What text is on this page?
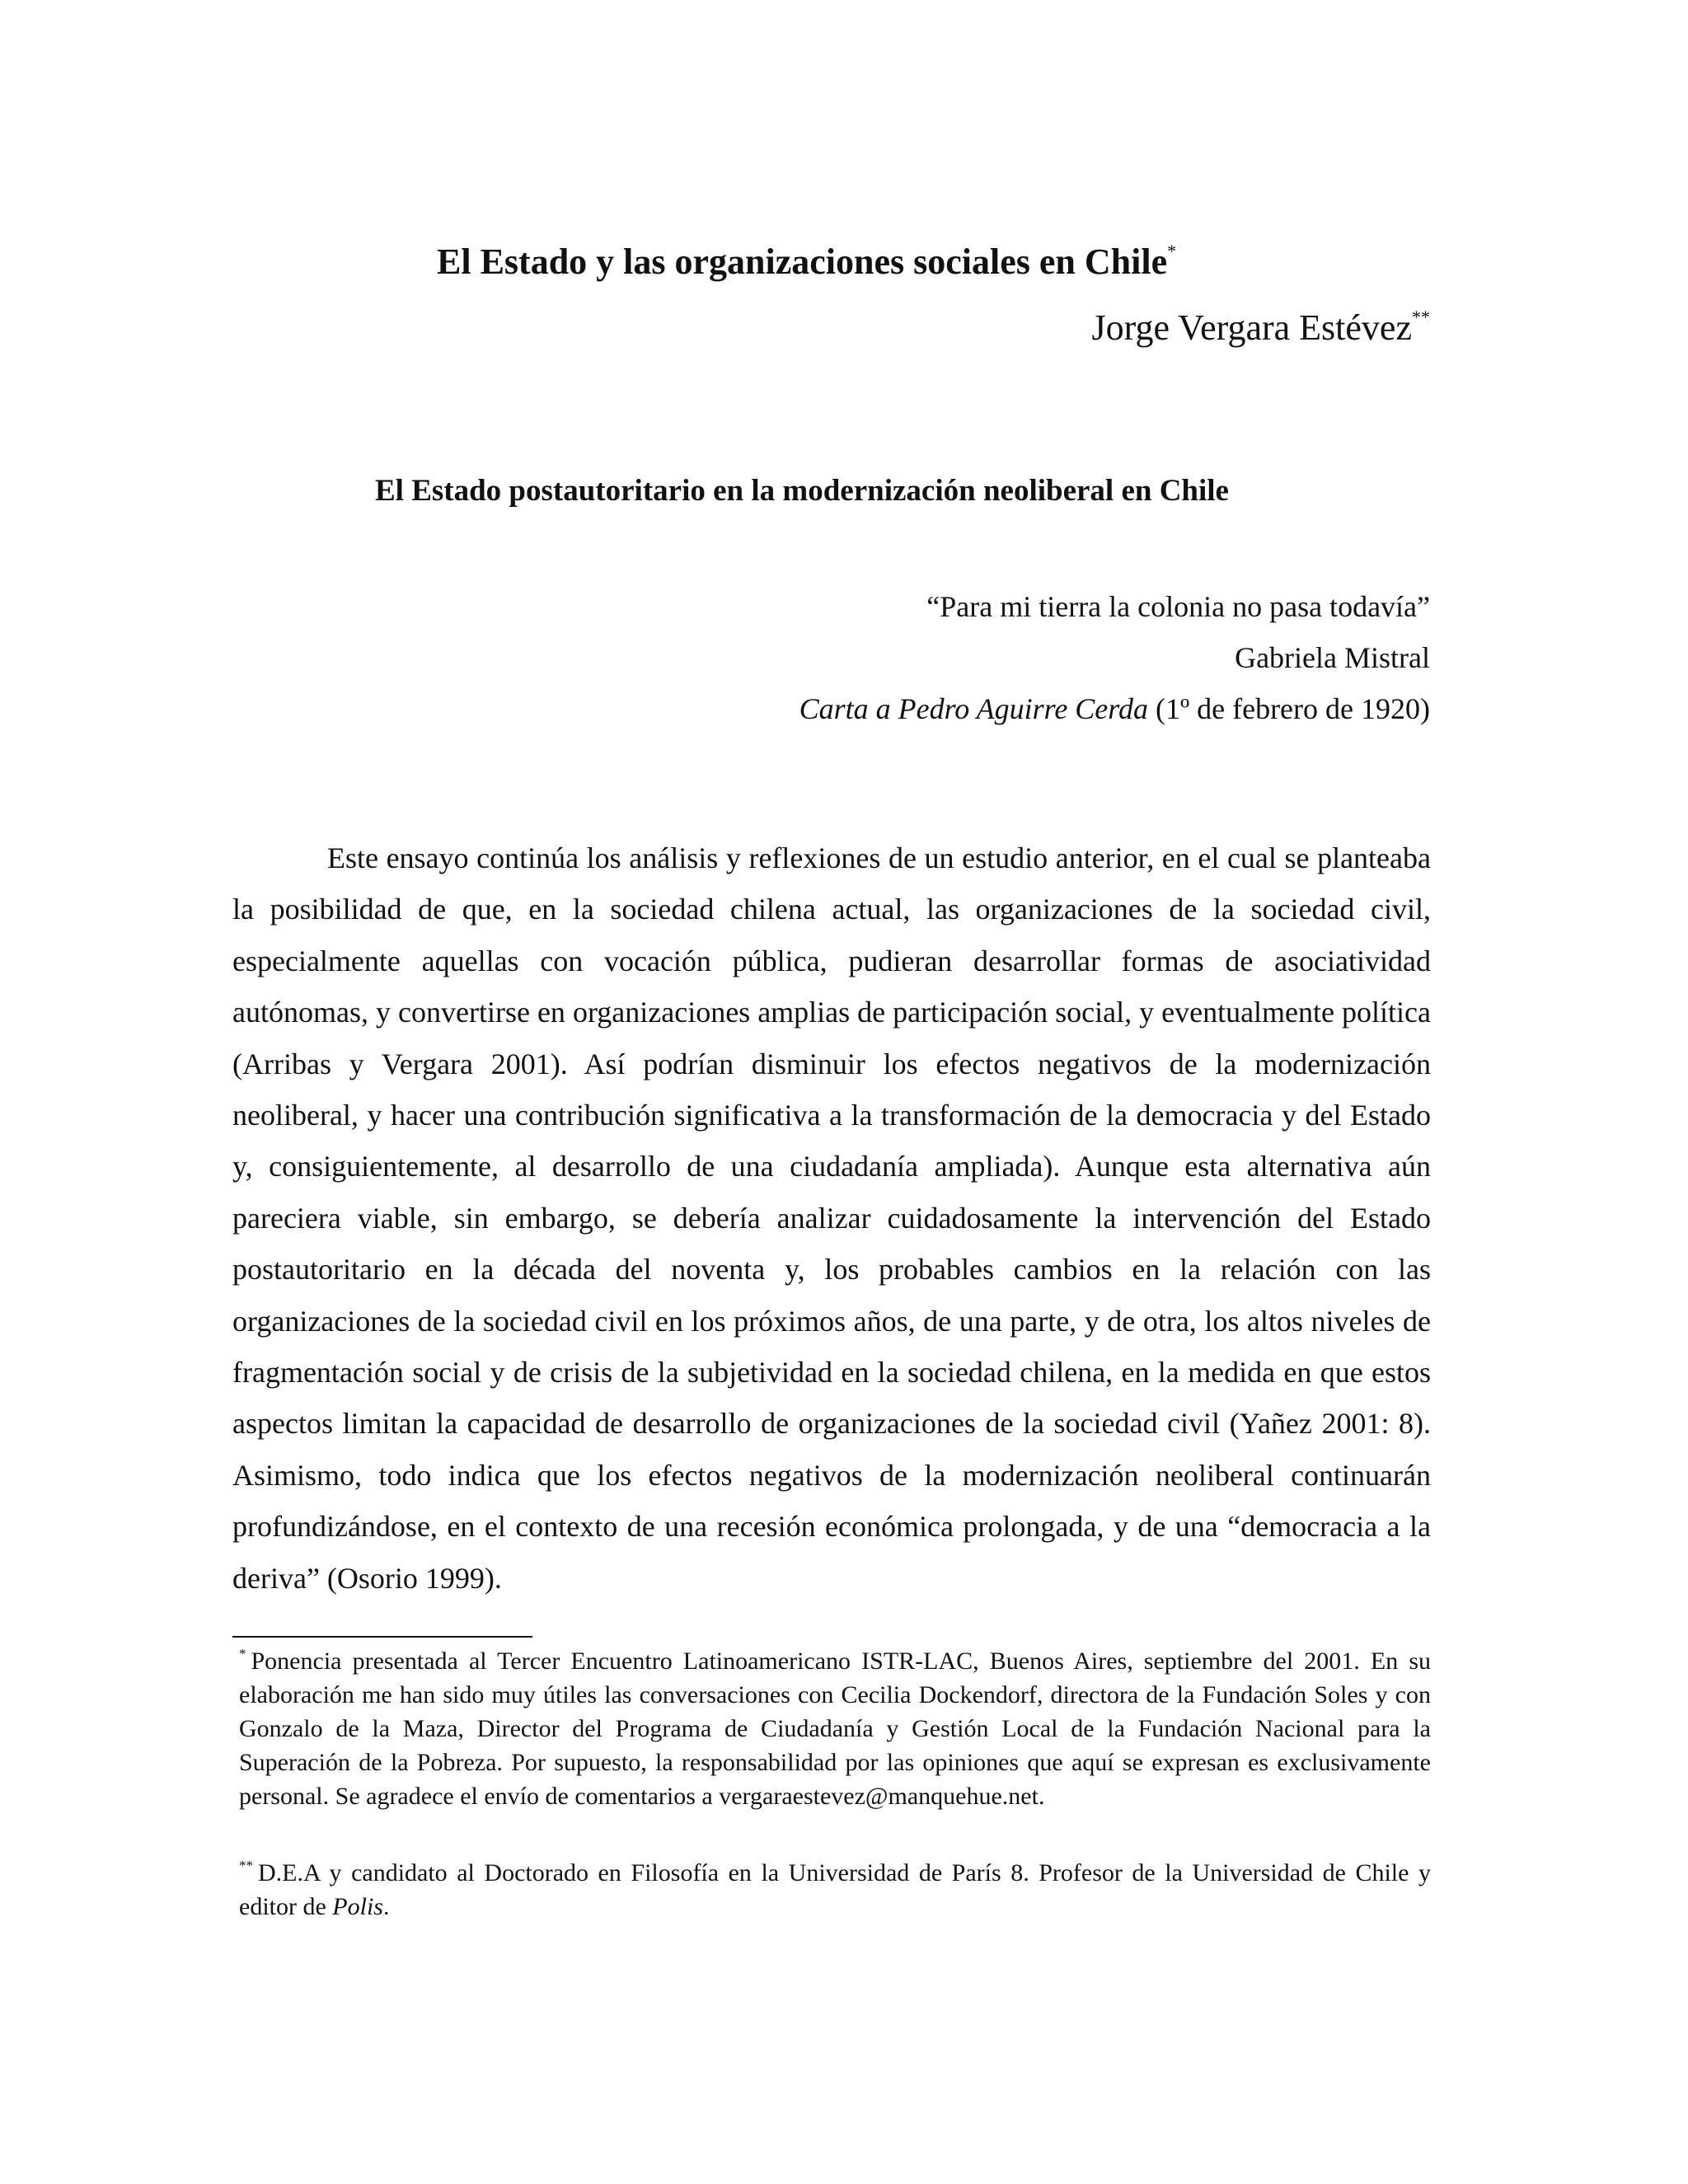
El Estado y las organizaciones sociales en Chile*
Jorge Vergara Estévez**
El Estado postautoritario en la modernización neoliberal en Chile
“Para mi tierra la colonia no pasa todavía”
Gabriela Mistral
Carta a Pedro Aguirre Cerda (1º de febrero de 1920)

Este ensayo continúa los análisis y reflexiones de un estudio anterior, en el cual se planteaba la posibilidad de que, en la sociedad chilena actual, las organizaciones de la sociedad civil, especialmente aquellas con vocación pública, pudieran desarrollar formas de asociatividad autónomas, y convertirse en organizaciones amplias de participación social, y eventualmente política (Arribas y Vergara 2001). Así podrían disminuir los efectos negativos de la modernización neoliberal, y hacer una contribución significativa a la transformación de la democracia y del Estado y, consiguientemente, al desarrollo de una ciudadanía ampliada). Aunque esta alternativa aún pareciera viable, sin embargo, se debería analizar cuidadosamente la intervención del Estado postautoritario en la década del noventa y, los probables cambios en la relación con las organizaciones de la sociedad civil en los próximos años, de una parte, y de otra, los altos niveles de fragmentación social y de crisis de la subjetividad en la sociedad chilena, en la medida en que estos aspectos limitan la capacidad de desarrollo de organizaciones de la sociedad civil (Yañez 2001: 8). Asimismo, todo indica que los efectos negativos de la modernización neoliberal continuarán profundizándose, en el contexto de una recesión económica prolongada, y de una “democracia a la deriva” (Osorio 1999).

* Ponencia presentada al Tercer Encuentro Latinoamericano ISTR-LAC, Buenos Aires, septiembre del 2001. En su elaboración me han sido muy útiles las conversaciones con Cecilia Dockendorf, directora de la Fundación Soles y con Gonzalo de la Maza, Director del Programa de Ciudadanía y Gestión Local de la Fundación Nacional para la Superación de la Pobreza. Por supuesto, la responsabilidad por las opiniones que aquí se expresan es exclusivamente personal. Se agradece el envío de comentarios a vergaraestevez@manquehue.net.

** D.E.A y candidato al Doctorado en Filosofía en la Universidad de París 8. Profesor de la Universidad de Chile y editor de Polis.
